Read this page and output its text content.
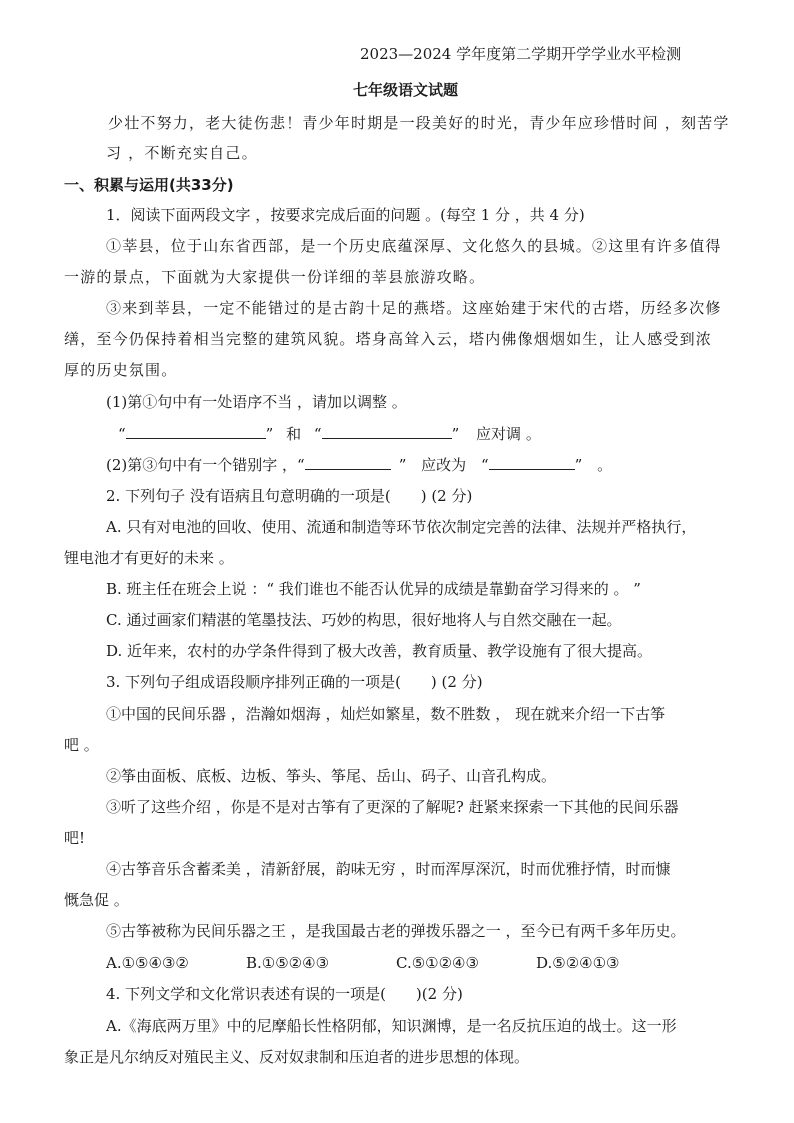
2023—2024 学年度第二学期开学学业水平检测
七年级语文试题
少壮不努力，老大徒伤悲！青少年时期是一段美好的时光，青少年应珍惜时间 ，刻苦学
习 ，不断充实自己。
一、积累与运用(共33分)
1．阅读下面两段文字 ，按要求完成后面的问题 。(每空 1 分 ，共 4 分)
①莘县，位于山东省西部，是一个历史底蕴深厚、文化悠久的县城。②这里有许多值得
一游的景点，下面就为大家提供一份详细的莘县旅游攻略。
③来到莘县，一定不能错过的是古韵十足的燕塔。这座始建于宋代的古塔，历经多次修
缮，至今仍保持着相当完整的建筑风貌。塔身高耸入云，塔内佛像烟烟如生，让人感受到浓
厚的历史氛围。
(1)第①句中有一处语序不当 ，请加以调整 。
“	” 和 “	” 应对调 。
(2)第③句中有一个错别字 ，“	” 应改为 “	” 。
2. 下列句子 没有语病且句意明确的一项是(　　) (2 分)
A. 只有对电池的回收、使用、流通和制造等环节依次制定完善的法律、法规并严格执行，
锂电池才有更好的未来 。
B. 班主任在班会上说 ：“ 我们谁也不能否认优异的成绩是靠勤奋学习得来的 。 ”
C. 通过画家们精湛的笔墨技法、巧妙的构思，很好地将人与自然交融在一起。
D. 近年来，农村的办学条件得到了极大改善，教育质量、教学设施有了很大提高。
3. 下列句子组成语段顺序排列正确的一项是(　　) (2 分)
①中国的民间乐器 ，浩瀚如烟海 ，灿烂如繁星，数不胜数 ， 现在就来介绍一下古筝
吧 。
②筝由面板、底板、边板、筝头、筝尾、岳山、码子、山音孔构成。
③听了这些介绍 ，你是不是对古筝有了更深的了解呢? 赶紧来探索一下其他的民间乐器
吧!
④古筝音乐含蓄柔美 ，清新舒展，韵味无穷 ，时而浑厚深沉，时而优雅抒情，时而慷
慨急促 。
⑤古筝被称为民间乐器之王 ，是我国最古老的弹拨乐器之一 ，至今已有两千多年历史。
A.①⑤④③②	B.①⑤②④③	C.⑤①②④③	D.⑤②④①③
4. 下列文学和文化常识表述有误的一项是(　　)(2 分)
A.《海底两万里》中的尼摩船长性格阴郁，知识渊博，是一名反抗压迫的战士。这一形
象正是凡尔纳反对殖民主义、反对奴隶制和压迫者的进步思想的体现。
